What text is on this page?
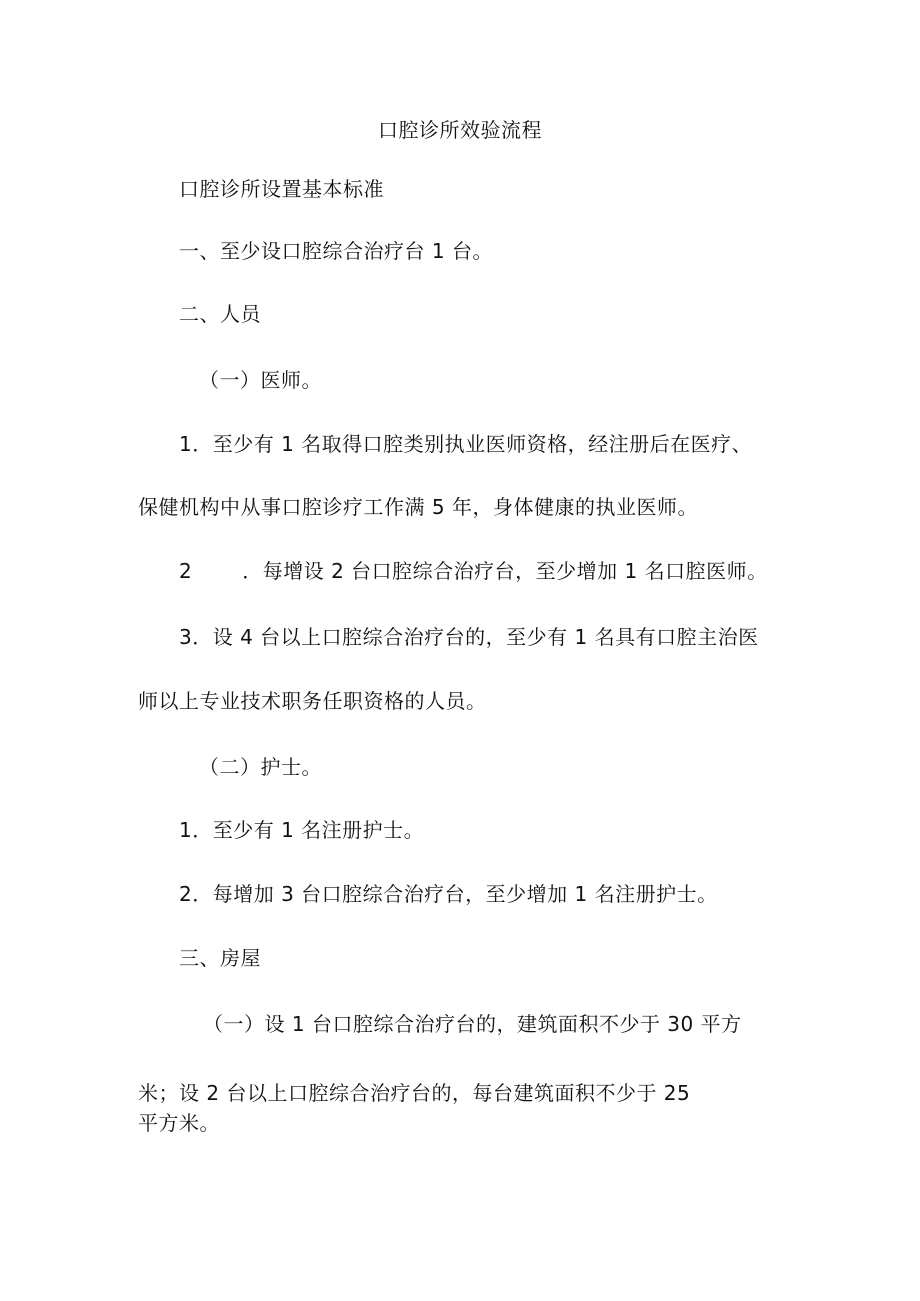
口腔诊所效验流程
口腔诊所设置基本标准
一、至少设口腔综合治疗台 1 台。
二、人员
（一）医师。
1．至少有 1 名取得口腔类别执业医师资格，经注册后在医疗、
保健机构中从事口腔诊疗工作满 5 年，身体健康的执业医师。
2	．每增设 2 台口腔综合治疗台，至少增加 1 名口腔医师。
3．设 4 台以上口腔综合治疗台的，至少有 1 名具有口腔主治医
师以上专业技术职务任职资格的人员。
（二）护士。
1．至少有 1 名注册护士。
2．每增加 3 台口腔综合治疗台，至少增加 1 名注册护士。
三、房屋
（一）设 1 台口腔综合治疗台的，建筑面积不少于 30 平方
米；设 2 台以上口腔综合治疗台的，每台建筑面积不少于 25
平方米。
